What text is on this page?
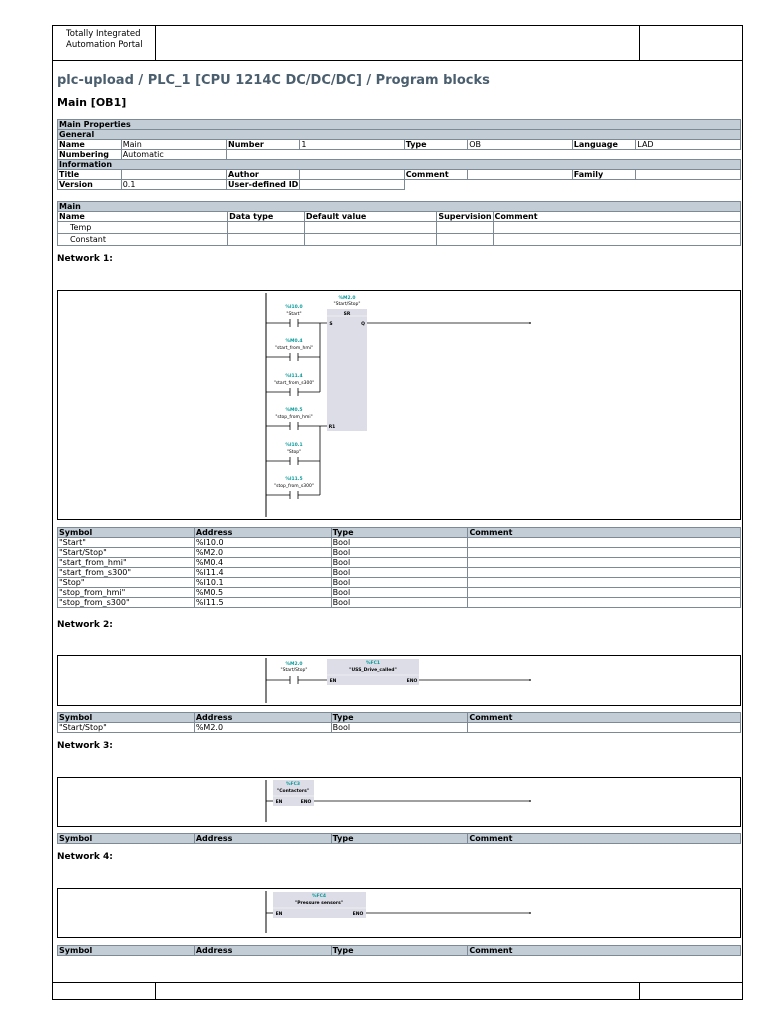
Totally Integrated
Automation Portal
plc-upload / PLC_1 [CPU 1214C DC/DC/DC] / Program blocks
Main [OB1]
Main Properties							
General							
Name	Main	Number	1	Type	OB	Language	LAD
Numbering	Automatic						
Information							
Title		Author		Comment		Family	
Version	0.1	User-defined ID					
Main				
Name	Data type	Default value	Supervision	Comment
Temp				
Constant				
Network 1:
%M2.0
"Start/Stop"
SR
S	Q
R1
%I10.0
"Start"
%M0.4
"start_from_hmi"
%I11.4
"start_from_s300"
%M0.5
"stop_from_hmi"
%I10.1
"Stop"
%I11.5
"stop_from_s300"
Symbol	Address	Type	Comment
"Start"	%I10.0	Bool	
"Start/Stop"	%M2.0	Bool	
"start_from_hmi"	%M0.4	Bool	
"start_from_s300"	%I11.4	Bool	
"Stop"	%I10.1	Bool	
"stop_from_hmi"	%M0.5	Bool	
"stop_from_s300"	%I11.5	Bool	
Network 2:
%M2.0
"Start/Stop"
%FC1
"USS_Drive_called"
EN	ENO
Symbol	Address	Type	Comment
"Start/Stop"	%M2.0	Bool	
Network 3:
%FC3
"Contactors"
EN	ENO
Symbol	Address	Type	Comment
Network 4:
%FC4
"Pressure sensors"
EN	ENO
Symbol	Address	Type	Comment
